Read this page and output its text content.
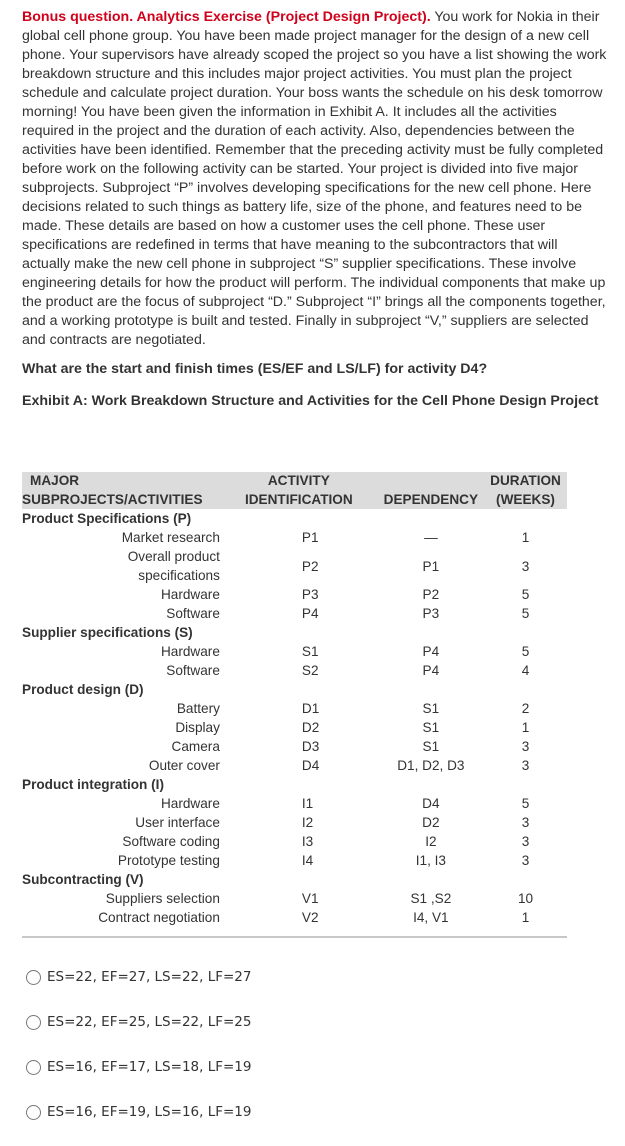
Bonus question. Analytics Exercise (Project Design Project). You work for Nokia in their global cell phone group. You have been made project manager for the design of a new cell phone. Your supervisors have already scoped the project so you have a list showing the work breakdown structure and this includes major project activities. You must plan the project schedule and calculate project duration. Your boss wants the schedule on his desk tomorrow morning! You have been given the information in Exhibit A. It includes all the activities required in the project and the duration of each activity. Also, dependencies between the activities have been identified. Remember that the preceding activity must be fully completed before work on the following activity can be started. Your project is divided into five major subprojects. Subproject “P” involves developing specifications for the new cell phone. Here decisions related to such things as battery life, size of the phone, and features need to be made. These details are based on how a customer uses the cell phone. These user specifications are redefined in terms that have meaning to the subcontractors that will actually make the new cell phone in subproject “S” supplier specifications. These involve engineering details for how the product will perform. The individual components that make up the product are the focus of subproject “D.” Subproject “I” brings all the components together, and a working prototype is built and tested. Finally in subproject “V,” suppliers are selected and contracts are negotiated.

What are the start and finish times (ES/EF and LS/LF) for activity D4?
Exhibit A: Work Breakdown Structure and Activities for the Cell Phone Design Project
MAJOR	ACTIVITY		DURATION
SUBPROJECTS/ACTIVITIES	IDENTIFICATION	DEPENDENCY	(WEEKS)
Product Specifications (P)			
Market research	P1	—	1

Overall product
specifications	P2	P1	3
Hardware	P3	P2	5
Software	P4	P3	5
Supplier specifications (S)			
Hardware	S1	P4	5
Software	S2	P4	4
Product design (D)			
Battery	D1	S1	2
Display	D2	S1	1
Camera	D3	S1	3
Outer cover	D4	D1, D2, D3	3
Product integration (I)			
Hardware	I1	D4	5
User interface	I2	D2	3
Software coding	I3	I2	3
Prototype testing	I4	I1, I3	3
Subcontracting (V)			
Suppliers selection	V1	S1 ,S2	10
Contract negotiation	V2	I4, V1	1
ES=22, EF=27, LS=22, LF=27
ES=22, EF=25, LS=22, LF=25
ES=16, EF=17, LS=18, LF=19
ES=16, EF=19, LS=16, LF=19
